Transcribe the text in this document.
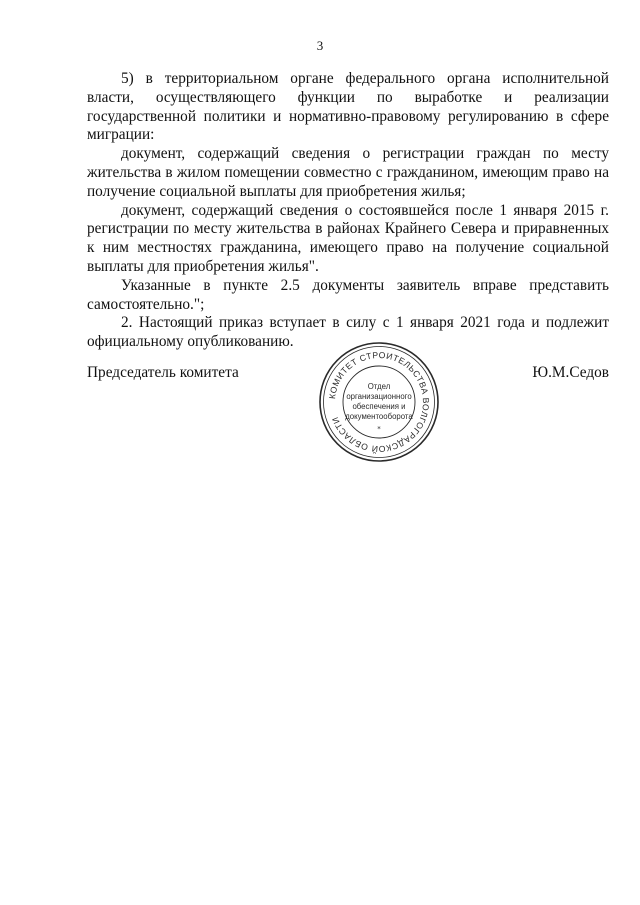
3

5) в территориальном органе федерального органа исполнительной власти, осуществляющего функции по выработке и реализации государственной политики и нормативно-правовому регулированию в сфере миграции:

документ, содержащий сведения о регистрации граждан по месту жительства в жилом помещении совместно с гражданином, имеющим право на получение социальной выплаты для приобретения жилья;

документ, содержащий сведения о состоявшейся после 1 января 2015 г. регистрации по месту жительства в районах Крайнего Севера и приравненных к ним местностях гражданина, имеющего право на получение социальной выплаты для приобретения жилья".

Указанные в пункте 2.5 документы заявитель вправе представить самостоятельно.";

2. Настоящий приказ вступает в силу с 1 января 2021 года и подлежит официальному опубликованию.

Председатель комитета	Ю.М.Седов
КОМИТЕТ СТРОИТЕЛЬСТВА ВОЛГОГРАДСКОЙ ОБЛАСТИ
Отдел
организационного
обеспечения и
документооборота
*
